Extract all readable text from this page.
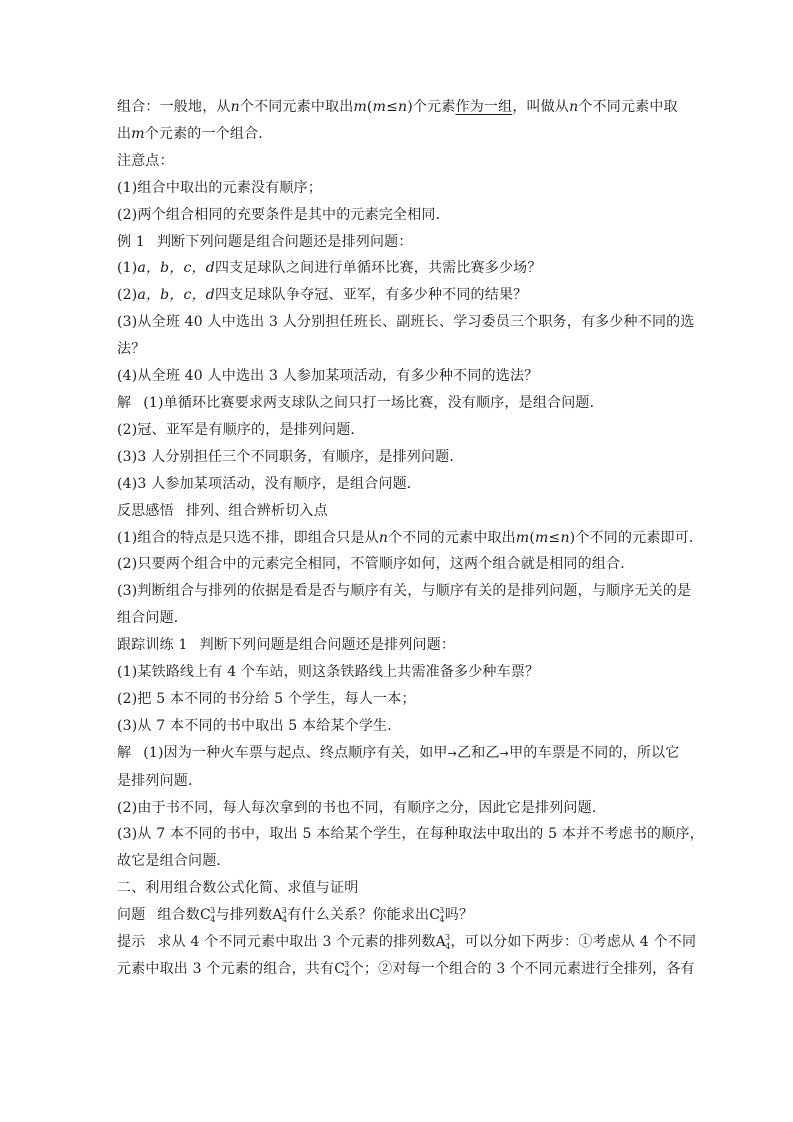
组合：一般地，从n个不同元素中取出m(m≤n)个元素作为一组，叫做从n个不同元素中取
出m个元素的一个组合．
注意点：
(1)组合中取出的元素没有顺序；
(2)两个组合相同的充要条件是其中的元素完全相同．
例 1 判断下列问题是组合问题还是排列问题：
(1)a，b，c，d四支足球队之间进行单循环比赛，共需比赛多少场？
(2)a，b，c，d四支足球队争夺冠、亚军，有多少种不同的结果？
(3)从全班 40 人中选出 3 人分别担任班长、副班长、学习委员三个职务，有多少种不同的选
法？
(4)从全班 40 人中选出 3 人参加某项活动，有多少种不同的选法？
解 (1)单循环比赛要求两支球队之间只打一场比赛，没有顺序，是组合问题．
(2)冠、亚军是有顺序的，是排列问题．
(3)3 人分别担任三个不同职务，有顺序，是排列问题．
(4)3 人参加某项活动，没有顺序，是组合问题．
反思感悟 排列、组合辨析切入点
(1)组合的特点是只选不排，即组合只是从n个不同的元素中取出m(m≤n)个不同的元素即可．
(2)只要两个组合中的元素完全相同，不管顺序如何，这两个组合就是相同的组合．
(3)判断组合与排列的依据是看是否与顺序有关，与顺序有关的是排列问题，与顺序无关的是
组合问题．
跟踪训练 1 判断下列问题是组合问题还是排列问题：
(1)某铁路线上有 4 个车站，则这条铁路线上共需准备多少种车票？
(2)把 5 本不同的书分给 5 个学生，每人一本；
(3)从 7 本不同的书中取出 5 本给某个学生．
解 (1)因为一种火车票与起点、终点顺序有关，如甲→乙和乙→甲的车票是不同的，所以它
是排列问题．
(2)由于书不同，每人每次拿到的书也不同，有顺序之分，因此它是排列问题．
(3)从 7 本不同的书中，取出 5 本给某个学生，在每种取法中取出的 5 本并不考虑书的顺序，
故它是组合问题．
二、利用组合数公式化简、求值与证明
问题 组合数C34与排列数A34有什么关系？你能求出C34吗？
提示 求从 4 个不同元素中取出 3 个元素的排列数A34，可以分如下两步：①考虑从 4 个不同
元素中取出 3 个元素的组合，共有C34个；②对每一个组合的 3 个不同元素进行全排列，各有
